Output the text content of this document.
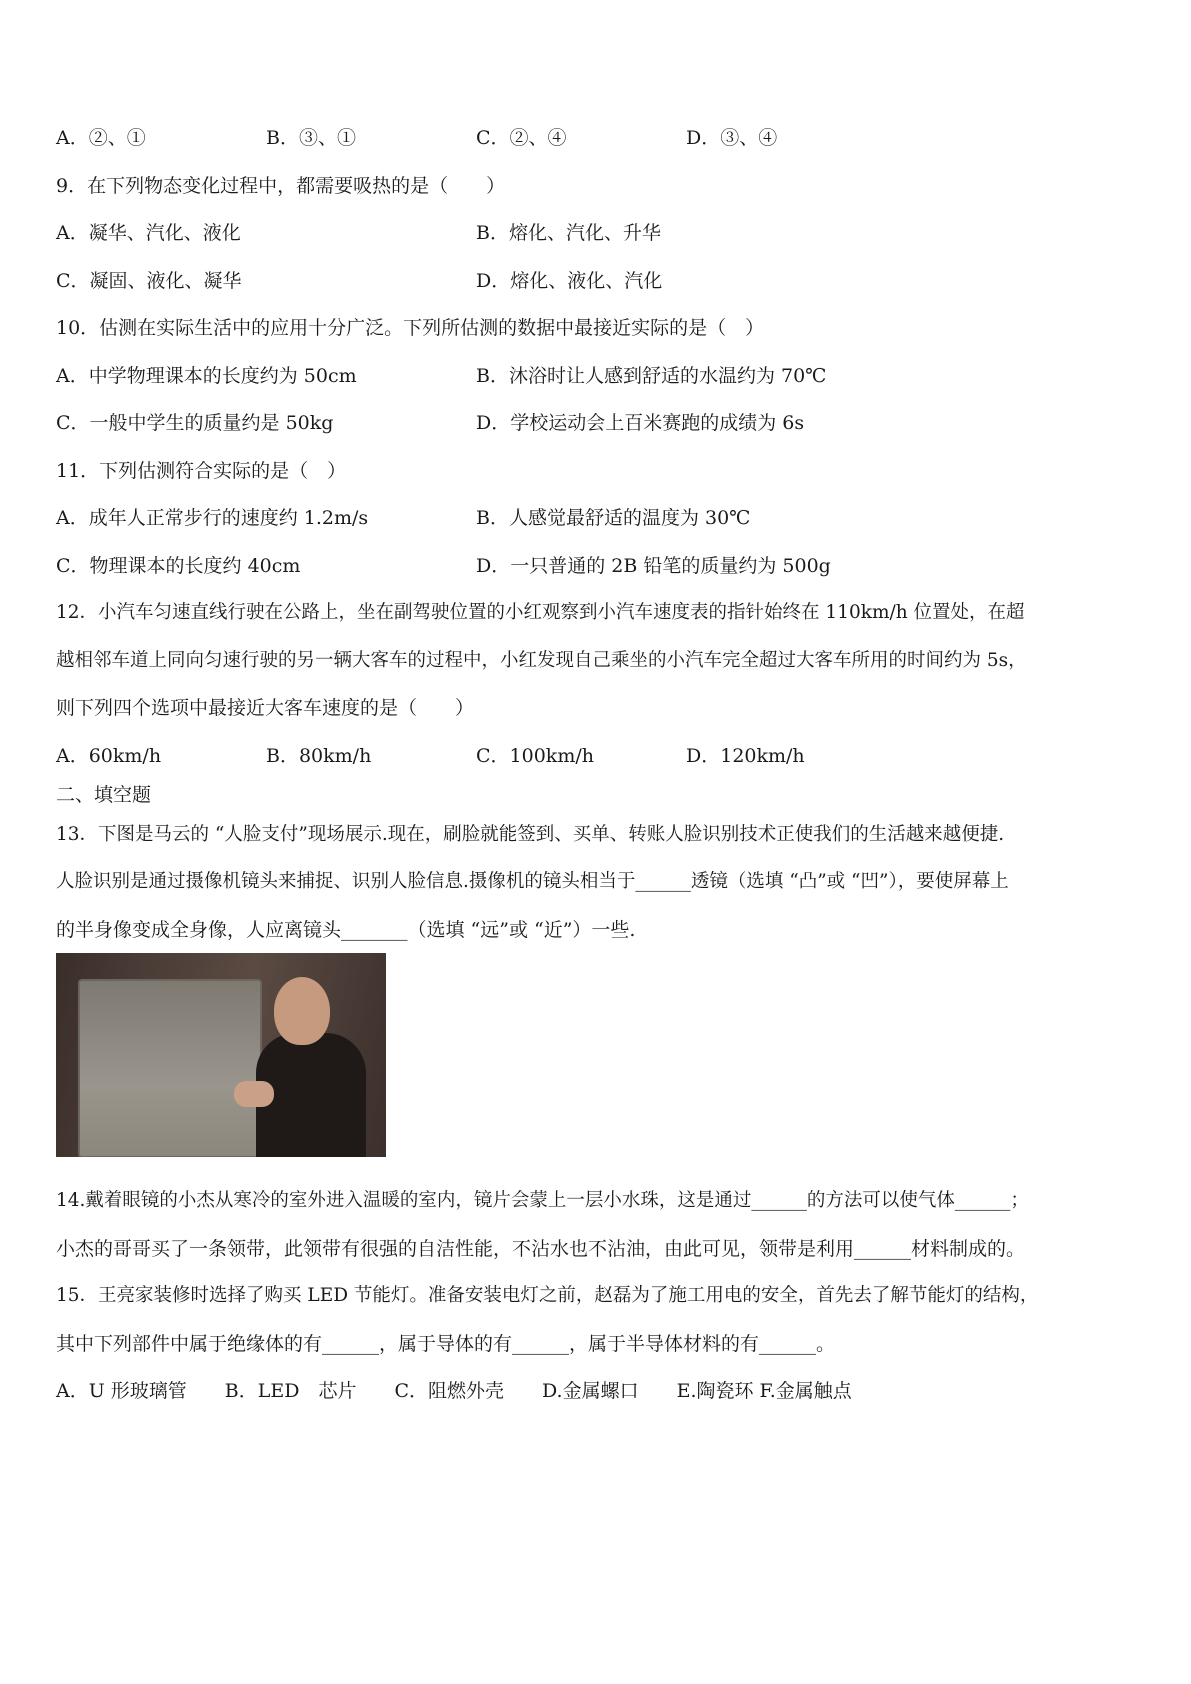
A．②、①	B．③、①	C．②、④	D．③、④
9．在下列物态变化过程中，都需要吸热的是（　　）
A．凝华、汽化、液化	B．熔化、汽化、升华
C．凝固、液化、凝华	D．熔化、液化、汽化
10．估测在实际生活中的应用十分广泛。下列所估测的数据中最接近实际的是（　）
A．中学物理课本的长度约为 50cm	B．沐浴时让人感到舒适的水温约为 70℃
C．一般中学生的质量约是 50kg	D．学校运动会上百米赛跑的成绩为 6s
11．下列估测符合实际的是（　）
A．成年人正常步行的速度约 1.2m/s	B．人感觉最舒适的温度为 30℃
C．物理课本的长度约 40cm	D．一只普通的 2B 铅笔的质量约为 500g
12．小汽车匀速直线行驶在公路上，坐在副驾驶位置的小红观察到小汽车速度表的指针始终在 110km/h 位置处，在超
越相邻车道上同向匀速行驶的另一辆大客车的过程中，小红发现自己乘坐的小汽车完全超过大客车所用的时间约为 5s，
则下列四个选项中最接近大客车速度的是（　　）
A．60km/h	B．80km/h	C．100km/h	D．120km/h
二、填空题
13．下图是马云的 “人脸支付”现场展示.现在，刷脸就能签到、买单、转账人脸识别技术正使我们的生活越来越便捷.
人脸识别是通过摄像机镜头来捕捉、识别人脸信息.摄像机的镜头相当于______透镜（选填 “凸”或 “凹”），要使屏幕上
的半身像变成全身像，人应离镜头_______（选填 “远”或 “近”）一些.
14.戴着眼镜的小杰从寒冷的室外进入温暖的室内，镜片会蒙上一层小水珠，这是通过______的方法可以使气体______；
小杰的哥哥买了一条领带，此领带有很强的自洁性能，不沾水也不沾油，由此可见，领带是利用______材料制成的。
15．王亮家装修时选择了购买 LED 节能灯。准备安装电灯之前，赵磊为了施工用电的安全，首先去了解节能灯的结构，
其中下列部件中属于绝缘体的有______，属于导体的有______，属于半导体材料的有______。
A．U 形玻璃管　　B．LED　芯片　　C．阻燃外壳　　D.金属螺口　　E.陶瓷环 F.金属触点
